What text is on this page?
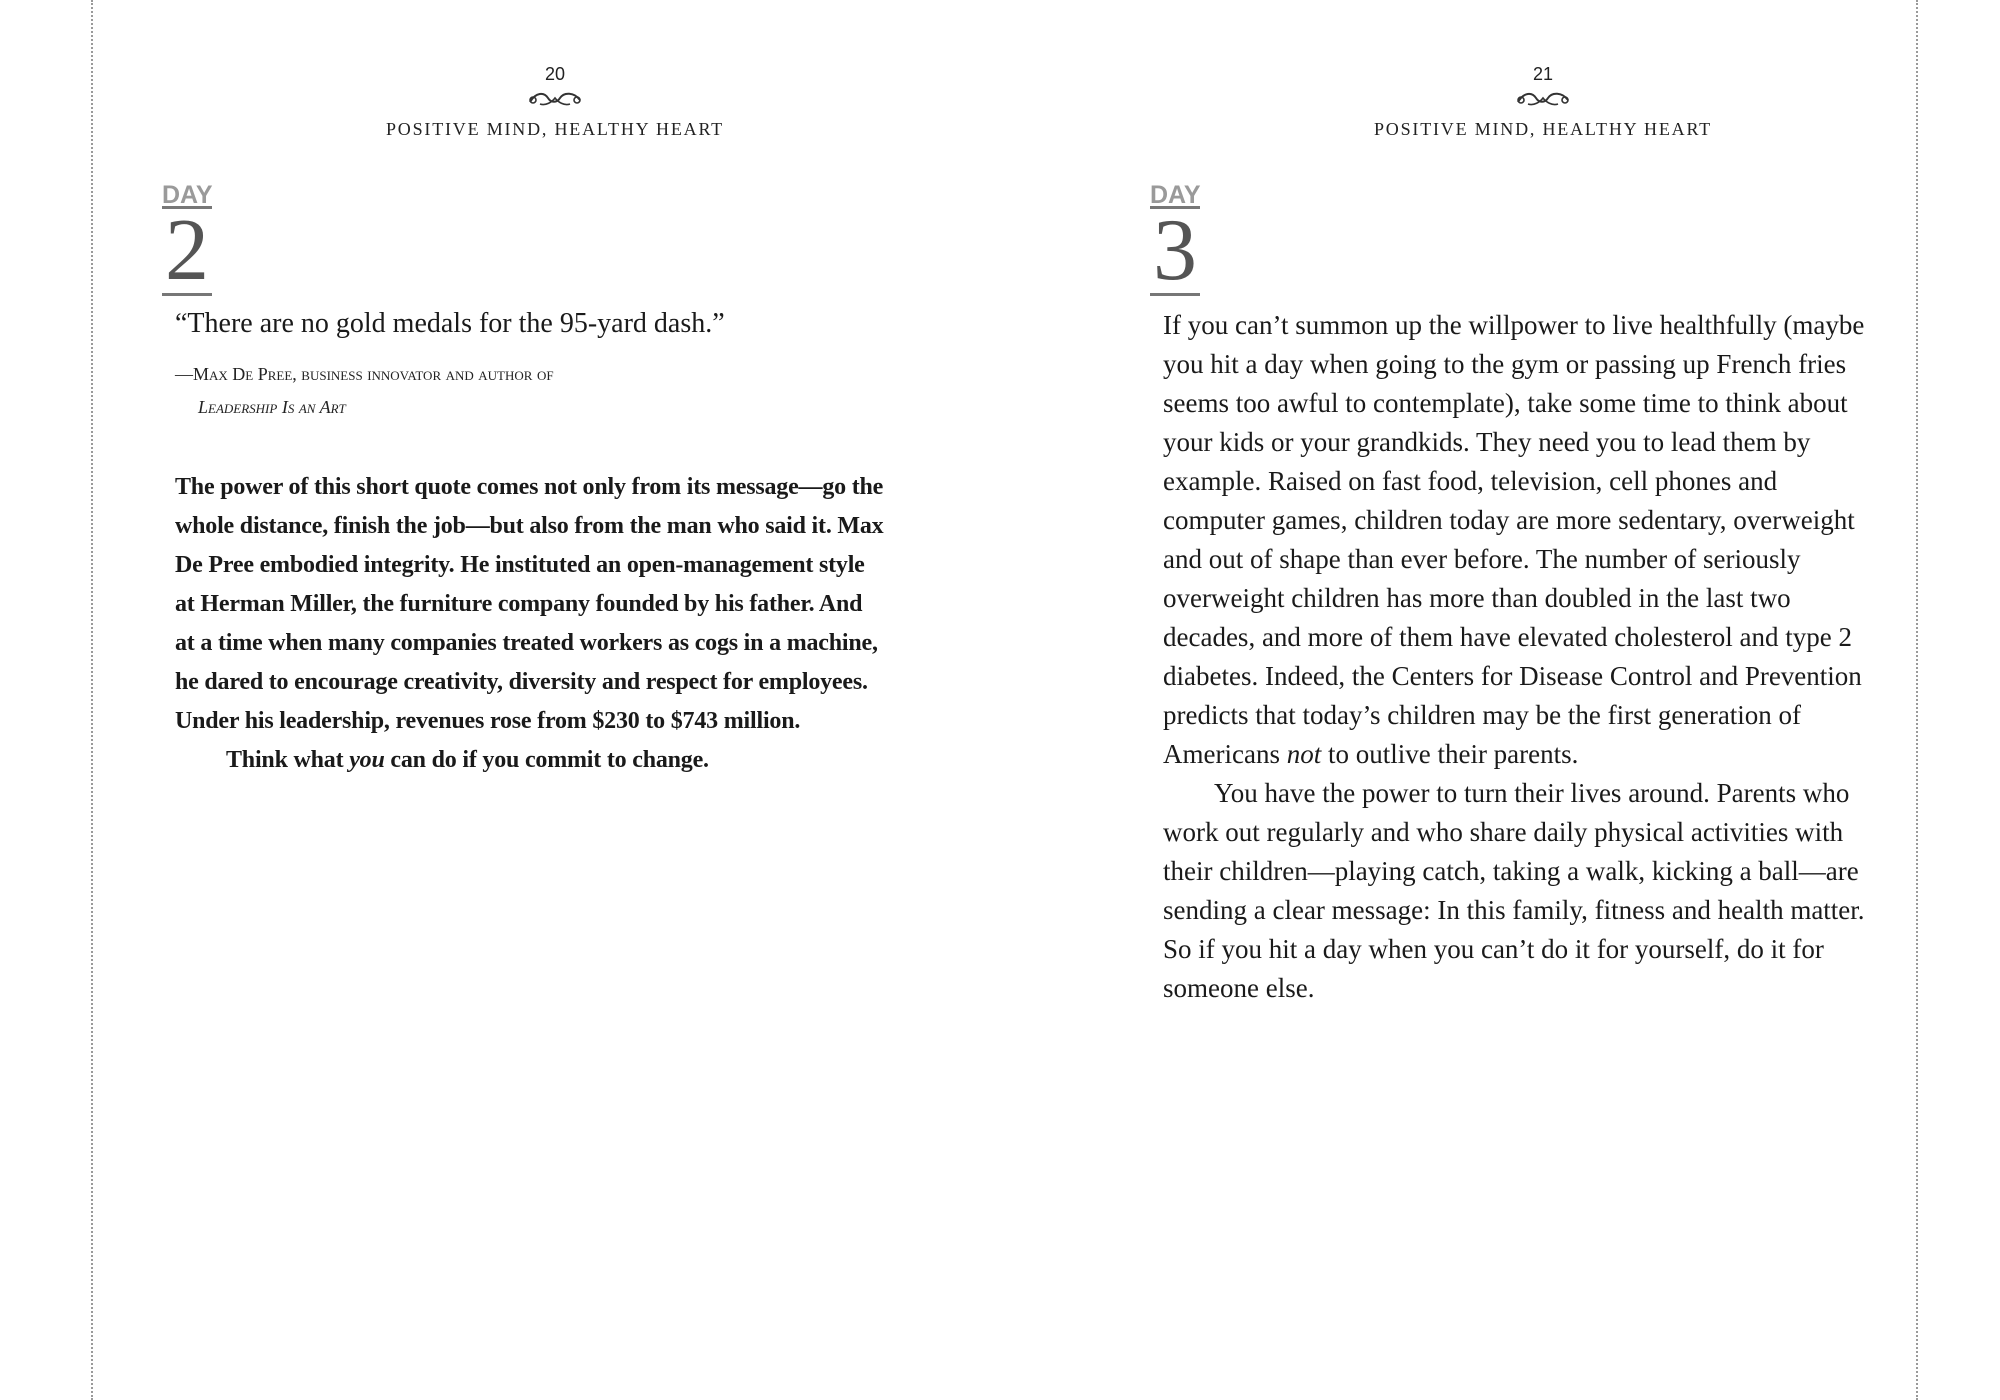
20
POSITIVE MIND, HEALTHY HEART
DAY
2
“There are no gold medals for the 95-yard dash.”
—Max De Pree, business innovator and author of
Leadership Is an Art

The power of this short quote comes not only from its message—go the whole distance, finish the job—but also from the man who said it. Max De Pree embodied integrity. He instituted an open-management style at Herman Miller, the furniture company founded by his father. And at a time when many companies treated workers as cogs in a machine, he dared to encourage creativity, diversity and respect for employees. Under his leadership, revenues rose from $230 to $743 million.

Think what you can do if you commit to change.

21
POSITIVE MIND, HEALTHY HEART
DAY
3

If you can’t summon up the willpower to live healthfully (maybe you hit a day when going to the gym or passing up French fries seems too awful to contemplate), take some time to think about your kids or your grandkids. They need you to lead them by example. Raised on fast food, television, cell phones and computer games, children today are more sedentary, overweight and out of shape than ever before. The number of seriously overweight children has more than doubled in the last two decades, and more of them have elevated cholesterol and type 2 diabetes. Indeed, the Centers for Disease Control and Prevention predicts that today’s children may be the first generation of Americans not to outlive their parents.

You have the power to turn their lives around. Parents who work out regularly and who share daily physical activities with their children—playing catch, taking a walk, kicking a ball—are sending a clear message: In this family, fitness and health matter. So if you hit a day when you can’t do it for yourself, do it for someone else.
